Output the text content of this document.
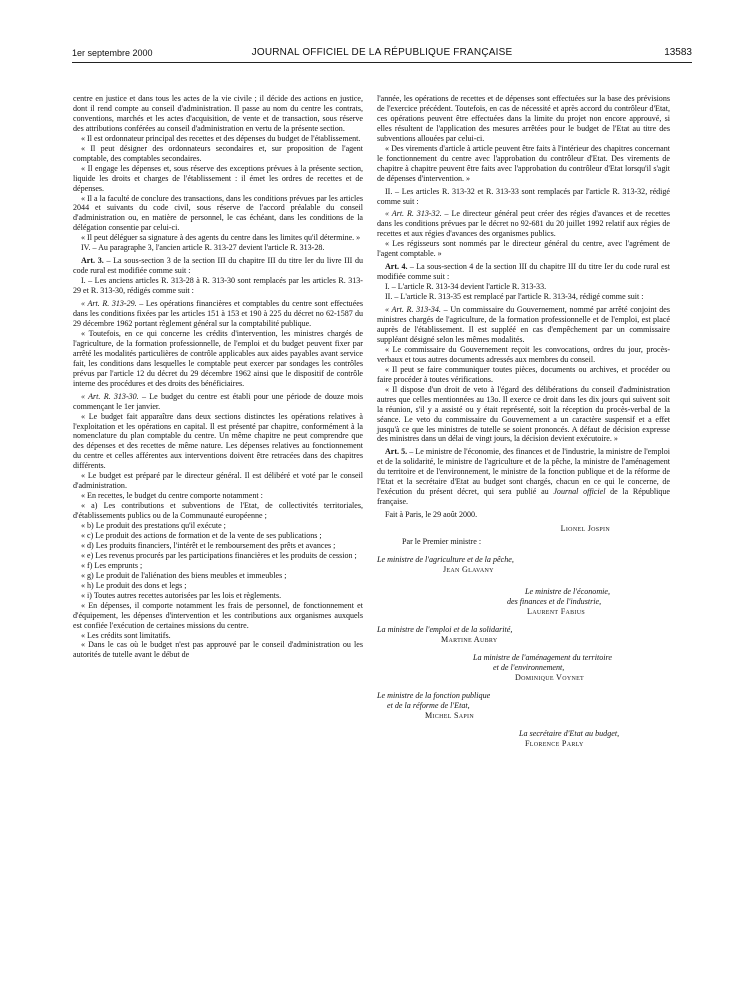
1er septembre 2000	JOURNAL OFFICIEL DE LA RÉPUBLIQUE FRANÇAISE	13583

centre en justice et dans tous les actes de la vie civile ; il décide des actions en justice, dont il rend compte au conseil d'administration. Il passe au nom du centre les contrats, conventions, marchés et les actes d'acquisition, de vente et de transaction, sous réserve des attributions conférées au conseil d'administration en vertu de la présente section.

« Il est ordonnateur principal des recettes et des dépenses du budget de l'établissement.

« Il peut désigner des ordonnateurs secondaires et, sur proposition de l'agent comptable, des comptables secondaires.

« Il engage les dépenses et, sous réserve des exceptions prévues à la présente section, liquide les droits et charges de l'établissement : il émet les ordres de recettes et de dépenses.

« Il a la faculté de conclure des transactions, dans les conditions prévues par les articles 2044 et suivants du code civil, sous réserve de l'accord préalable du conseil d'administration ou, en matière de personnel, le cas échéant, dans les conditions de la délégation consentie par celui-ci.

« Il peut déléguer sa signature à des agents du centre dans les limites qu'il détermine. »

IV. – Au paragraphe 3, l'ancien article R. 313-27 devient l'article R. 313-28.

Art. 3. – La sous-section 3 de la section III du chapitre III du titre Ier du livre III du code rural est modifiée comme suit :

I. – Les anciens articles R. 313-28 à R. 313-30 sont remplacés par les articles R. 313-29 et R. 313-30, rédigés comme suit :

« Art. R. 313-29. – Les opérations financières et comptables du centre sont effectuées dans les conditions fixées par les articles 151 à 153 et 190 à 225 du décret no 62-1587 du 29 décembre 1962 portant règlement général sur la comptabilité publique.

« Toutefois, en ce qui concerne les crédits d'intervention, les ministres chargés de l'agriculture, de la formation professionnelle, de l'emploi et du budget peuvent fixer par arrêté les modalités particulières de contrôle applicables aux aides payables avant service fait, les conditions dans lesquelles le comptable peut exercer par sondages les contrôles prévus par l'article 12 du décret du 29 décembre 1962 ainsi que le dispositif de contrôle interne des procédures et des droits des bénéficiaires.

« Art. R. 313-30. – Le budget du centre est établi pour une période de douze mois commençant le 1er janvier.

« Le budget fait apparaître dans deux sections distinctes les opérations relatives à l'exploitation et les opérations en capital. Il est présenté par chapitre, conformément à la nomenclature du plan comptable du centre. Un même chapitre ne peut comprendre que des dépenses et des recettes de même nature. Les dépenses relatives au fonctionnement du centre et celles afférentes aux interventions doivent être retracées dans des chapitres différents.

« Le budget est préparé par le directeur général. Il est délibéré et voté par le conseil d'administration.

« En recettes, le budget du centre comporte notamment :

« a) Les contributions et subventions de l'Etat, de collectivités territoriales, d'établissements publics ou de la Communauté européenne ;

« b) Le produit des prestations qu'il exécute ;

« c) Le produit des actions de formation et de la vente de ses publications ;

« d) Les produits financiers, l'intérêt et le remboursement des prêts et avances ;

« e) Les revenus procurés par les participations financières et les produits de cession ;

« f) Les emprunts ;

« g) Le produit de l'aliénation des biens meubles et immeubles ;

« h) Le produit des dons et legs ;

« i) Toutes autres recettes autorisées par les lois et règlements.

« En dépenses, il comporte notamment les frais de personnel, de fonctionnement et d'équipement, les dépenses d'intervention et les contributions aux organismes auxquels est confiée l'exécution de certaines missions du centre.

« Les crédits sont limitatifs.

« Dans le cas où le budget n'est pas approuvé par le conseil d'administration ou les autorités de tutelle avant le début de

l'année, les opérations de recettes et de dépenses sont effectuées sur la base des prévisions de l'exercice précédent. Toutefois, en cas de nécessité et après accord du contrôleur d'Etat, ces opérations peuvent être effectuées dans la limite du projet non encore approuvé, si elles résultent de l'application des mesures arrêtées pour le budget de l'Etat au titre des subventions allouées par celui-ci.

« Des virements d'article à article peuvent être faits à l'intérieur des chapitres concernant le fonctionnement du centre avec l'approbation du contrôleur d'Etat. Des virements de chapitre à chapitre peuvent être faits avec l'approbation du contrôleur d'Etat lorsqu'il s'agit de dépenses d'intervention. »

II. – Les articles R. 313-32 et R. 313-33 sont remplacés par l'article R. 313-32, rédigé comme suit :

« Art. R. 313-32. – Le directeur général peut créer des régies d'avances et de recettes dans les conditions prévues par le décret no 92-681 du 20 juillet 1992 relatif aux régies de recettes et aux régies d'avances des organismes publics.

« Les régisseurs sont nommés par le directeur général du centre, avec l'agrément de l'agent comptable. »

Art. 4. – La sous-section 4 de la section III du chapitre III du titre Ier du code rural est modifiée comme suit :

I. – L'article R. 313-34 devient l'article R. 313-33.

II. – L'article R. 313-35 est remplacé par l'article R. 313-34, rédigé comme suit :

« Art. R. 313-34. – Un commissaire du Gouvernement, nommé par arrêté conjoint des ministres chargés de l'agriculture, de la formation professionnelle et de l'emploi, est placé auprès de l'établissement. Il est suppléé en cas d'empêchement par un commissaire suppléant désigné selon les mêmes modalités.

« Le commissaire du Gouvernement reçoit les convocations, ordres du jour, procès-verbaux et tous autres documents adressés aux membres du conseil.

« Il peut se faire communiquer toutes pièces, documents ou archives, et procéder ou faire procéder à toutes vérifications.

« Il dispose d'un droit de veto à l'égard des délibérations du conseil d'administration autres que celles mentionnées au 13o. Il exerce ce droit dans les dix jours qui suivent soit la réunion, s'il y a assisté ou y était représenté, soit la réception du procès-verbal de la séance. Le veto du commissaire du Gouvernement a un caractère suspensif et a effet jusqu'à ce que les ministres de tutelle se soient prononcés. A défaut de décision expresse des ministres dans un délai de vingt jours, la décision devient exécutoire. »

Art. 5. – Le ministre de l'économie, des finances et de l'industrie, la ministre de l'emploi et de la solidarité, le ministre de l'agriculture et de la pêche, la ministre de l'aménagement du territoire et de l'environnement, le ministre de la fonction publique et de la réforme de l'Etat et la secrétaire d'Etat au budget sont chargés, chacun en ce qui le concerne, de l'exécution du présent décret, qui sera publié au Journal officiel de la République française.

Fait à Paris, le 29 août 2000.

Lionel Jospin

Par le Premier ministre :

Le ministre de l'agriculture et de la pêche,

Jean Glavany

Le ministre de l'économie,

des finances et de l'industrie,

Laurent Fabius

La ministre de l'emploi et de la solidarité,

Martine Aubry

La ministre de l'aménagement du territoire

et de l'environnement,

Dominique Voynet

Le ministre de la fonction publique

et de la réforme de l'Etat,

Michel Sapin

La secrétaire d'Etat au budget,

Florence Parly
